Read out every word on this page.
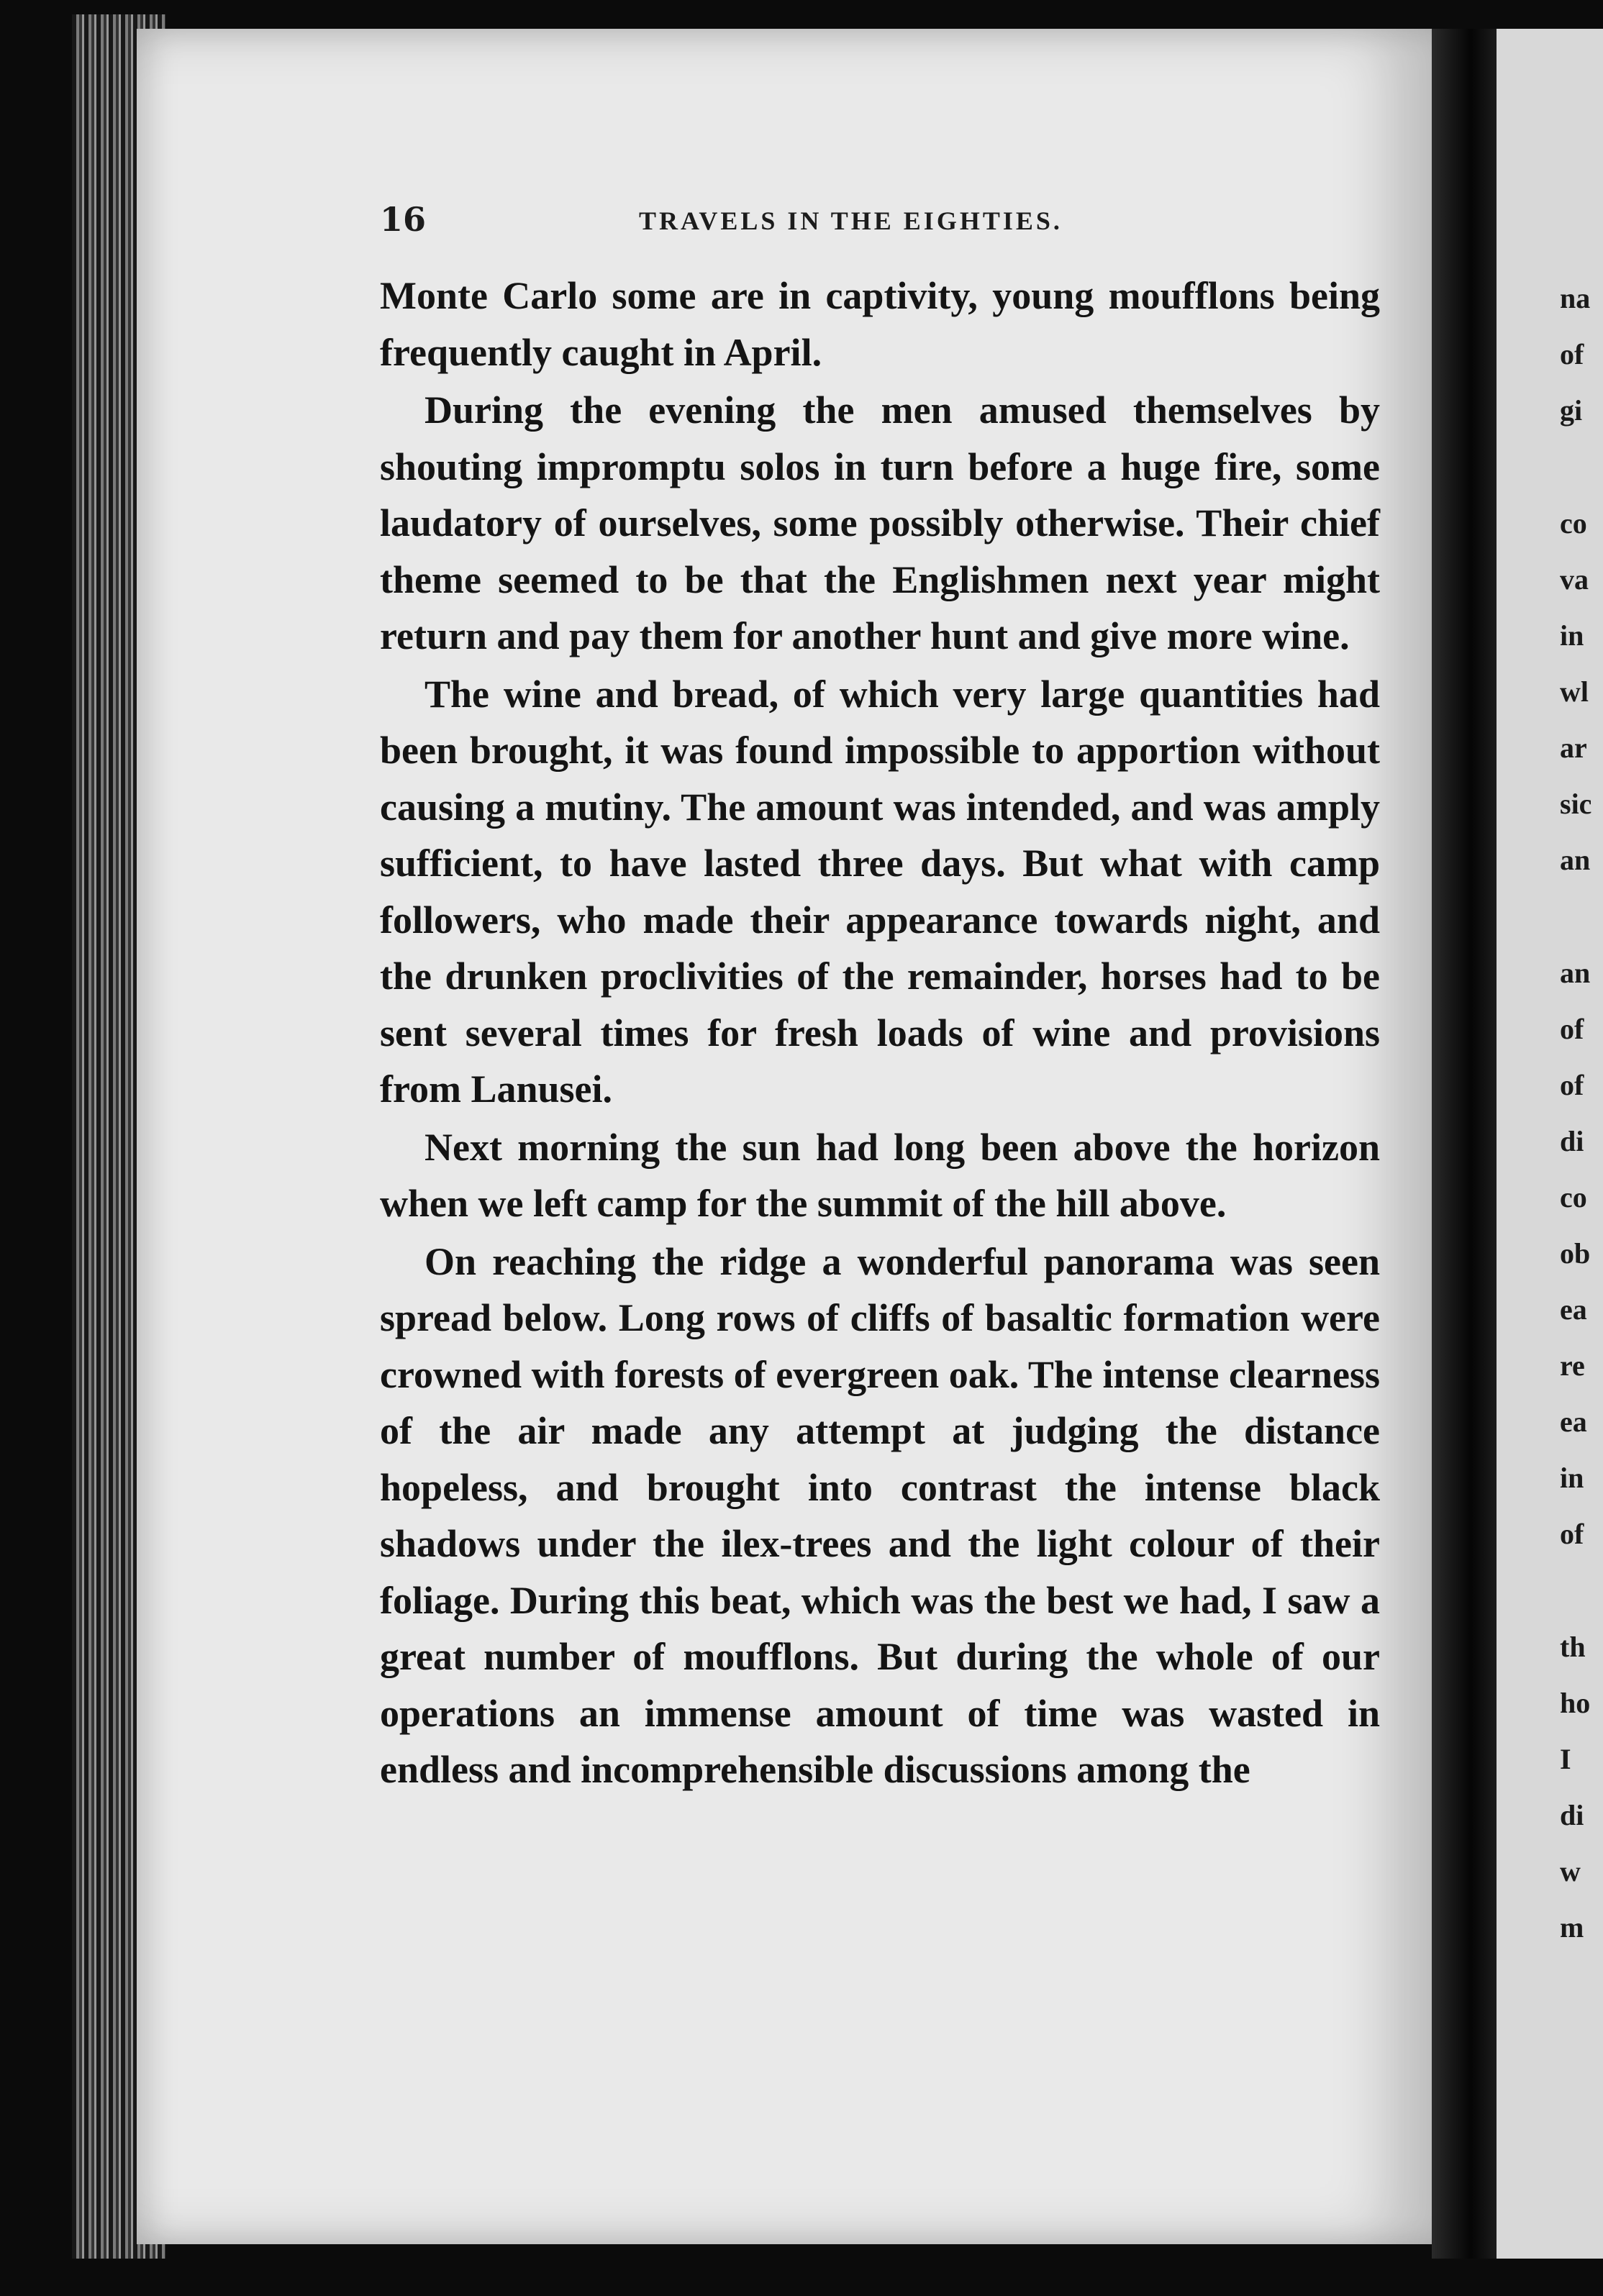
16	TRAVELS IN THE EIGHTIES.

Monte Carlo some are in captivity, young moufflons being frequently caught in April.

During the evening the men amused themselves by shouting impromptu solos in turn before a huge fire, some laudatory of ourselves, some possibly otherwise. Their chief theme seemed to be that the Englishmen next year might return and pay them for another hunt and give more wine.

The wine and bread, of which very large quantities had been brought, it was found impossible to apportion without causing a mutiny. The amount was intended, and was amply sufficient, to have lasted three days. But what with camp followers, who made their appearance towards night, and the drunken proclivities of the remainder, horses had to be sent several times for fresh loads of wine and provisions from Lanusei.

Next morning the sun had long been above the horizon when we left camp for the summit of the hill above.

On reaching the ridge a wonderful panorama was seen spread below. Long rows of cliffs of basaltic formation were crowned with forests of evergreen oak. The intense clearness of the air made any attempt at judging the distance hopeless, and brought into contrast the intense black shadows under the ilex-trees and the light colour of their foliage. During this beat, which was the best we had, I saw a great number of moufflons. But during the whole of our operations an immense amount of time was wasted in endless and incomprehensible discussions among the

na
of
gi
co
va
in
wl
ar
sic
an
an
of
of
di
co
ob
ea
re
ea
in
of
th
ho
I
di
w
m
